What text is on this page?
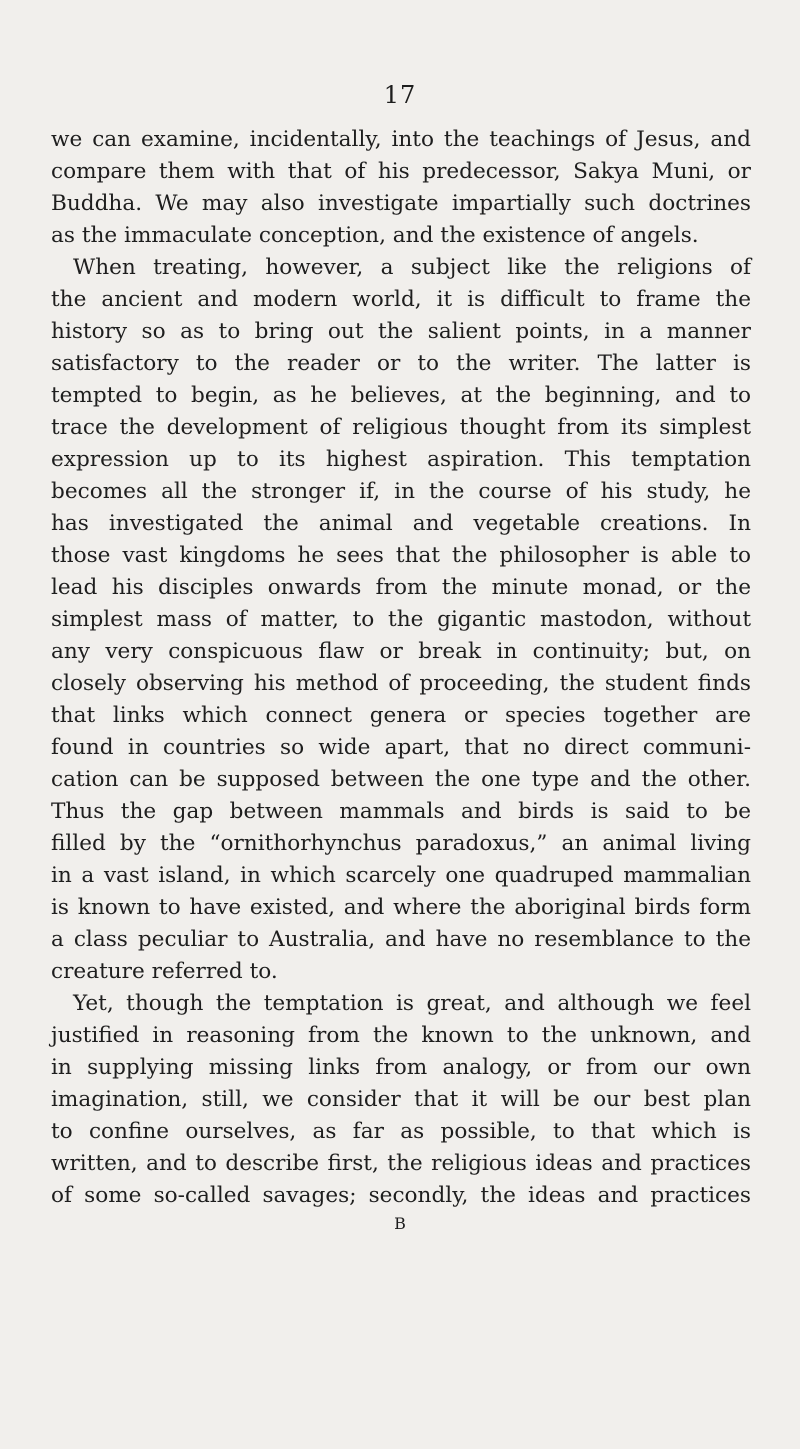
17
we can examine, incidentally, into the teachings of Jesus, and
compare them with that of his predecessor, Sakya Muni, or
Buddha. We may also investigate impartially such doctrines
as the immaculate conception, and the existence of angels.
When treating, however, a subject like the religions of
the ancient and modern world, it is difficult to frame the
history so as to bring out the salient points, in a manner
satisfactory to the reader or to the writer. The latter is
tempted to begin, as he believes, at the beginning, and to
trace the development of religious thought from its simplest
expression up to its highest aspiration. This temptation
becomes all the stronger if, in the course of his study, he
has investigated the animal and vegetable creations. In
those vast kingdoms he sees that the philosopher is able to
lead his disciples onwards from the minute monad, or the
simplest mass of matter, to the gigantic mastodon, without
any very conspicuous flaw or break in continuity; but, on
closely observing his method of proceeding, the student finds
that links which connect genera or species together are
found in countries so wide apart, that no direct communi-
cation can be supposed between the one type and the other.
Thus the gap between mammals and birds is said to be
filled by the “ornithorhynchus paradoxus,” an animal living
in a vast island, in which scarcely one quadruped mammalian
is known to have existed, and where the aboriginal birds form
a class peculiar to Australia, and have no resemblance to the
creature referred to.
Yet, though the temptation is great, and although we feel
justified in reasoning from the known to the unknown, and
in supplying missing links from analogy, or from our own
imagination, still, we consider that it will be our best plan
to confine ourselves, as far as possible, to that which is
written, and to describe first, the religious ideas and practices
of some so-called savages; secondly, the ideas and practices
B
